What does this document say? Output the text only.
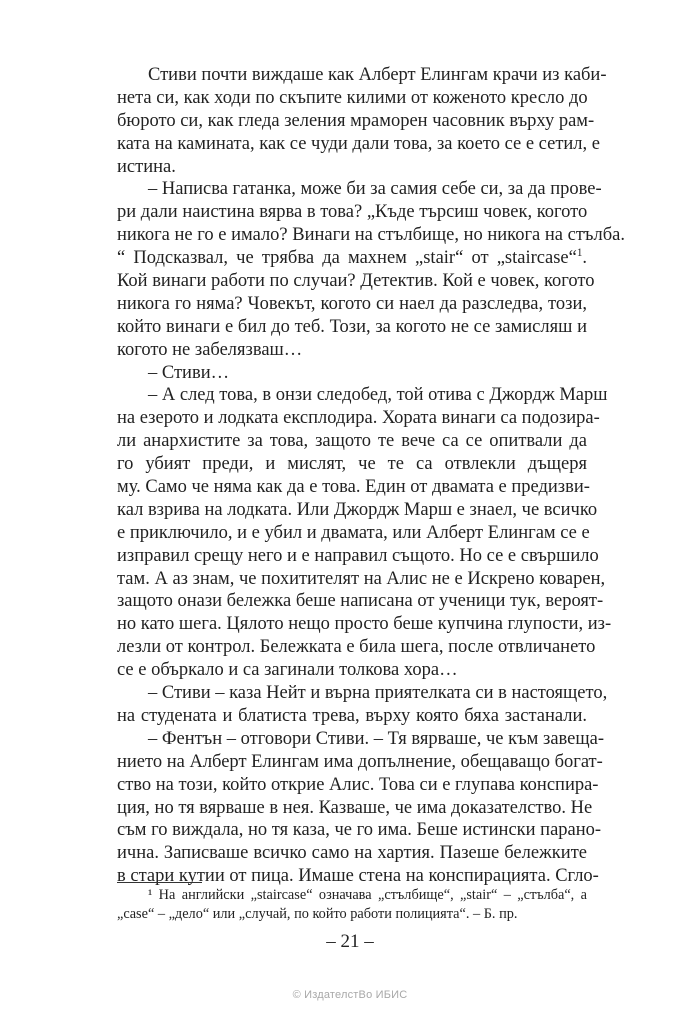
Стиви почти виждаше как Алберт Елингам крачи из каби-
нета си, как ходи по скъпите килими от коженото кресло до
бюрото си, как гледа зеления мраморен часовник върху рам-
ката на камината, как се чуди дали това, за което се е сетил, е
истина.
– Написва гатанка, може би за самия себе си, за да прове-
ри дали наистина вярва в това? „Къде търсиш човек, когото
никога не го е имало? Винаги на стълбище, но никога на стълба.
“ Подсказвал, че трябва да махнем „stair“ от „staircase“$^1$.
Кой винаги работи по случаи? Детектив. Кой е човек, когото
никога го няма? Човекът, когото си наел да разследва, този,
който винаги е бил до теб. Този, за когото не се замисляш и
когото не забелязваш…
– Стиви…
– А след това, в онзи следобед, той отива с Джордж Марш
на езерото и лодката експлодира. Хората винаги са подозира-
ли анархистите за това, защото те вече са се опитвали да
го убият преди, и мислят, че те са отвлекли дъщеря
му. Само че няма как да е това. Един от двамата е предизви-
кал взрива на лодката. Или Джордж Марш е знаел, че всичко
е приключило, и е убил и двамата, или Алберт Елингам се е
изправил срещу него и е направил същото. Но се е свършило
там. А аз знам, че похитителят на Алис не е Искрено коварен,
защото онази бележка беше написана от ученици тук, вероят-
но като шега. Цялото нещо просто беше купчина глупости, из-
лезли от контрол. Бележката е била шега, после отвличането
се е объркало и са загинали толкова хора…
– Стиви – каза Нейт и върна приятелката си в настоящето,
на студената и блатиста трева, върху която бяха застанали.
– Фентън – отговори Стиви. – Тя вярваше, че към завеща-
нието на Алберт Елингам има допълнение, обещаващо богат-
ство на този, който открие Алис. Това си е глупава конспира-
ция, но тя вярваше в нея. Казваше, че има доказателство. Не
съм го виждала, но тя каза, че го има. Беше истински парано-
ична. Записваше всичко само на хартия. Пазеше бележките
в стари кутии от пица. Имаше стена на конспирацията. Сгло-
¹ На английски „staircase“ означава „стълбище“, „stair“ – „стълба“, а
„case“ – „дело“ или „случай, по който работи полицията“. – Б. пр.
– 21 –
© ИздателстВо ИБИС
